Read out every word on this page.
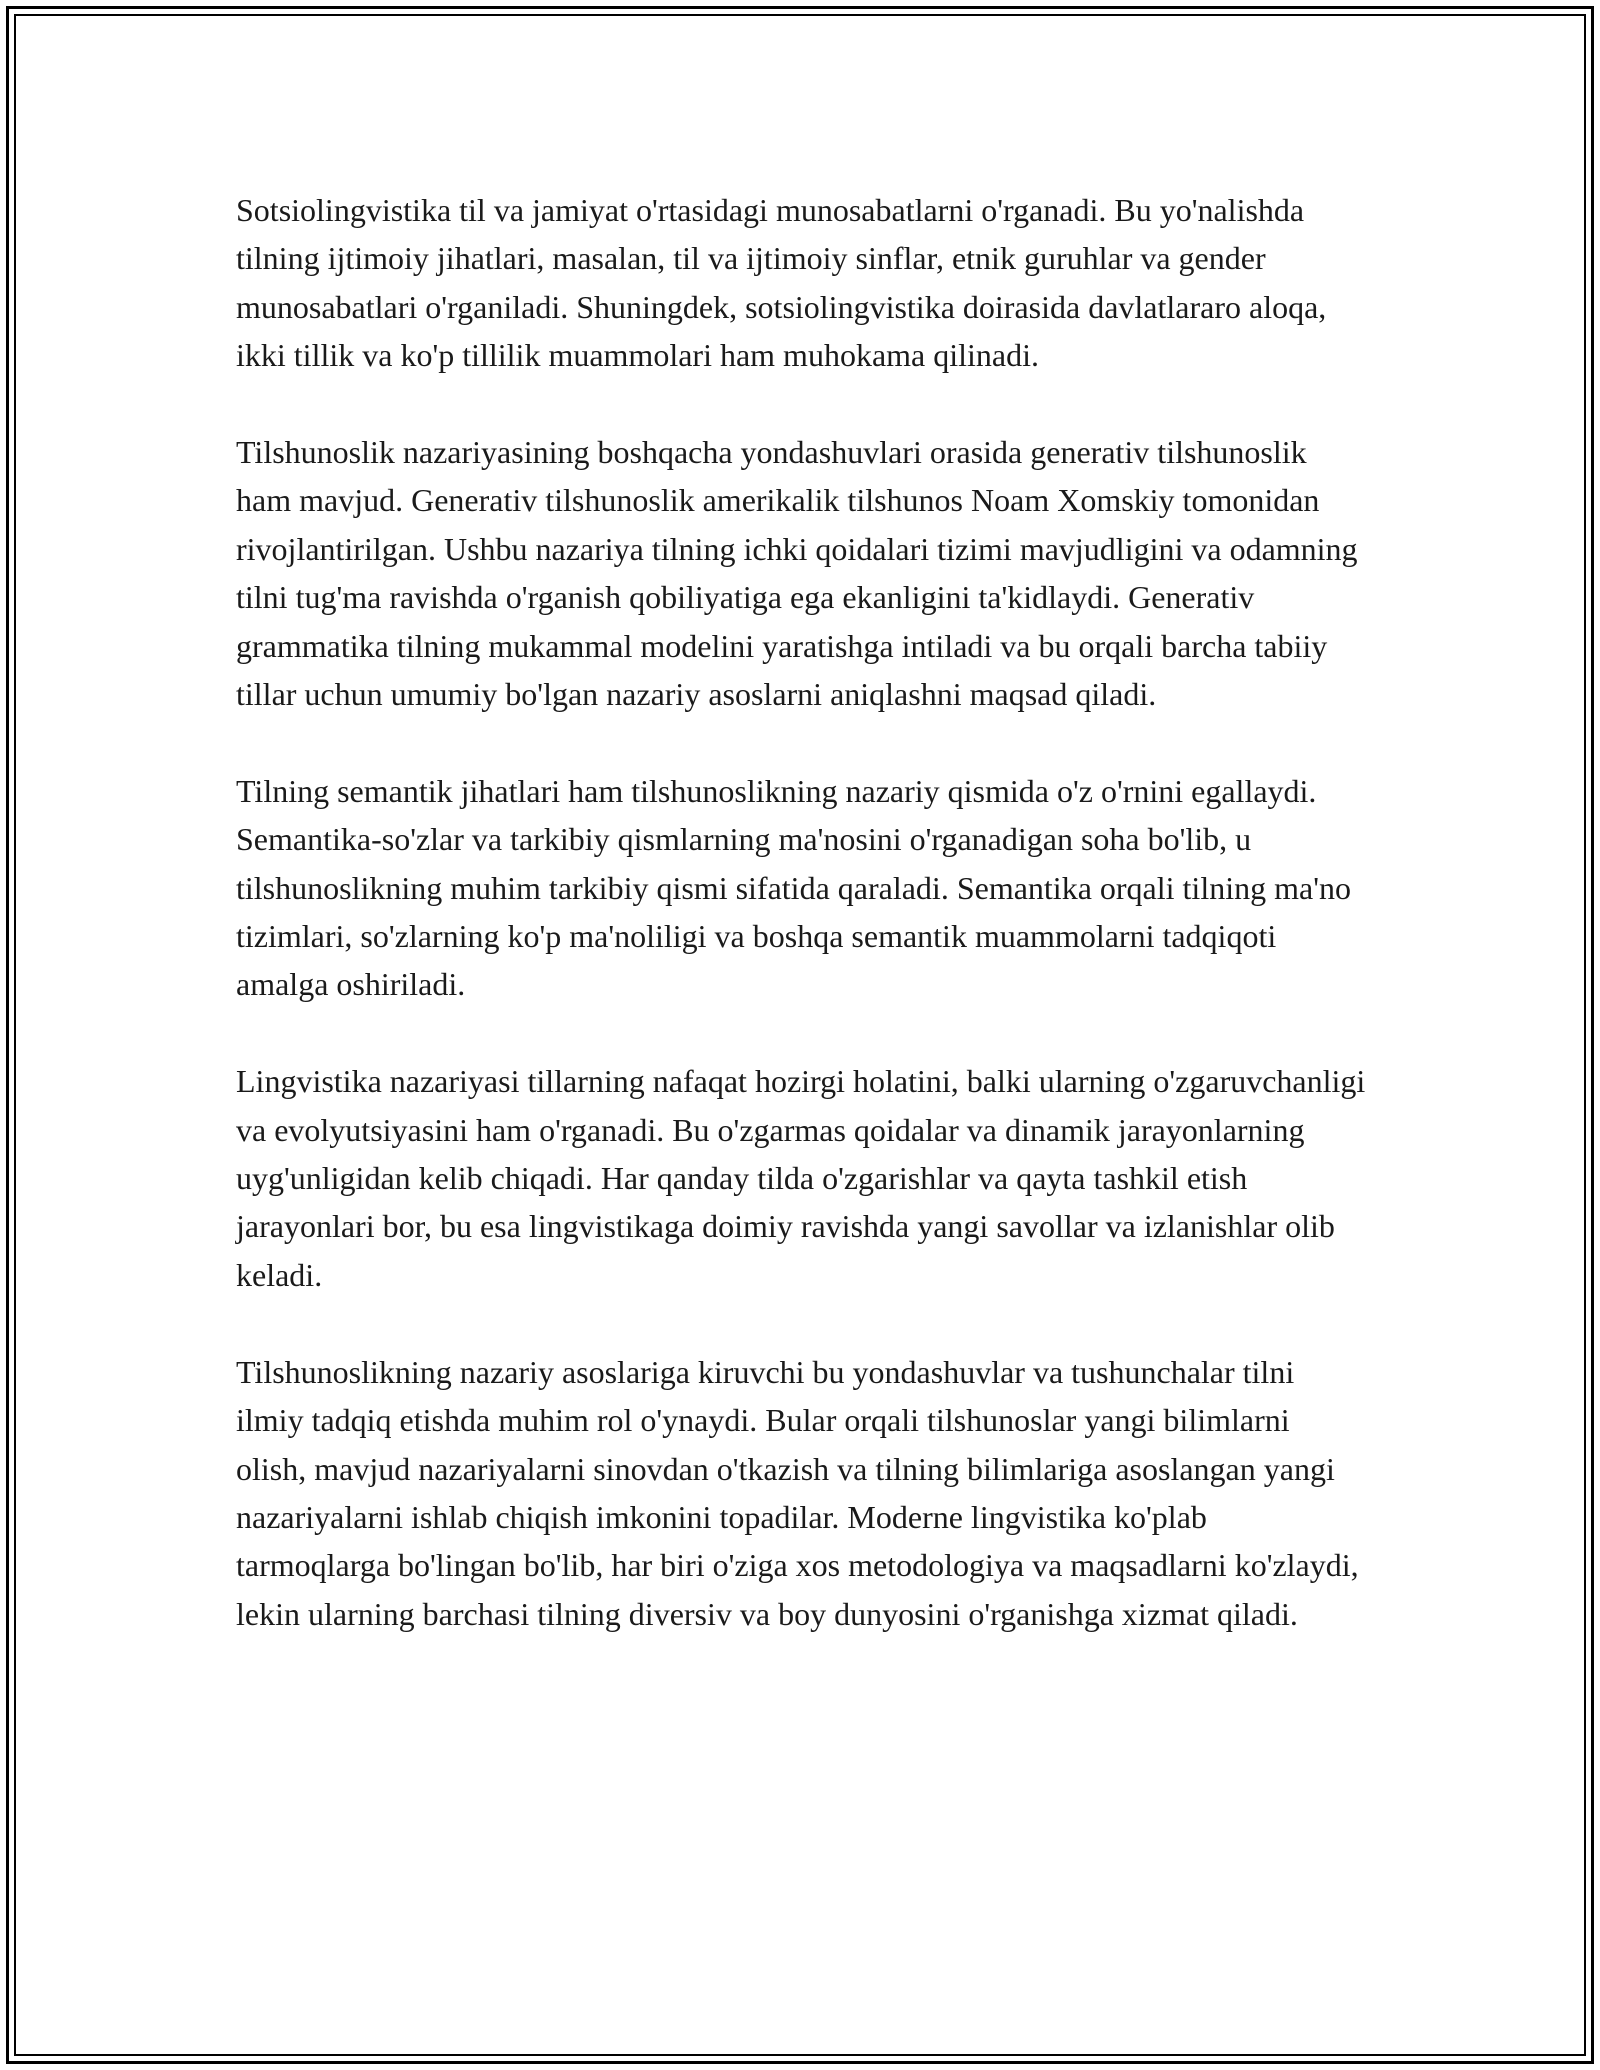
Sotsiolingvistika til va jamiyat o'rtasidagi munosabatlarni o'rganadi. Bu yo'nalishda tilning ijtimoiy jihatlari, masalan, til va ijtimoiy sinflar, etnik guruhlar va gender munosabatlari o'rganiladi. Shuningdek, sotsiolingvistika doirasida davlatlararo aloqa, ikki tillik va ko'p tillilik muammolari ham muhokama qilinadi.

Tilshunoslik nazariyasining boshqacha yondashuvlari orasida generativ tilshunoslik ham mavjud. Generativ tilshunoslik amerikalik tilshunos Noam Xomskiy tomonidan rivojlantirilgan. Ushbu nazariya tilning ichki qoidalari tizimi mavjudligini va odamning tilni tug'ma ravishda o'rganish qobiliyatiga ega ekanligini ta'kidlaydi. Generativ grammatika tilning mukammal modelini yaratishga intiladi va bu orqali barcha tabiiy tillar uchun umumiy bo'lgan nazariy asoslarni aniqlashni maqsad qiladi.

Tilning semantik jihatlari ham tilshunoslikning nazariy qismida o'z o'rnini egallaydi. Semantika-so'zlar va tarkibiy qismlarning ma'nosini o'rganadigan soha bo'lib, u tilshunoslikning muhim tarkibiy qismi sifatida qaraladi. Semantika orqali tilning ma'no tizimlari, so'zlarning ko'p ma'noliligi va boshqa semantik muammolarni tadqiqoti amalga oshiriladi.

Lingvistika nazariyasi tillarning nafaqat hozirgi holatini, balki ularning o'zgaruvchanligi va evolyutsiyasini ham o'rganadi. Bu o'zgarmas qoidalar va dinamik jarayonlarning uyg'unligidan kelib chiqadi. Har qanday tilda o'zgarishlar va qayta tashkil etish jarayonlari bor, bu esa lingvistikaga doimiy ravishda yangi savollar va izlanishlar olib keladi.

Tilshunoslikning nazariy asoslariga kiruvchi bu yondashuvlar va tushunchalar tilni ilmiy tadqiq etishda muhim rol o'ynaydi. Bular orqali tilshunoslar yangi bilimlarni olish, mavjud nazariyalarni sinovdan o'tkazish va tilning bilimlariga asoslangan yangi nazariyalarni ishlab chiqish imkonini topadilar. Moderne lingvistika ko'plab tarmoqlarga bo'lingan bo'lib, har biri o'ziga xos metodologiya va maqsadlarni ko'zlaydi, lekin ularning barchasi tilning diversiv va boy dunyosini o'rganishga xizmat qiladi.
